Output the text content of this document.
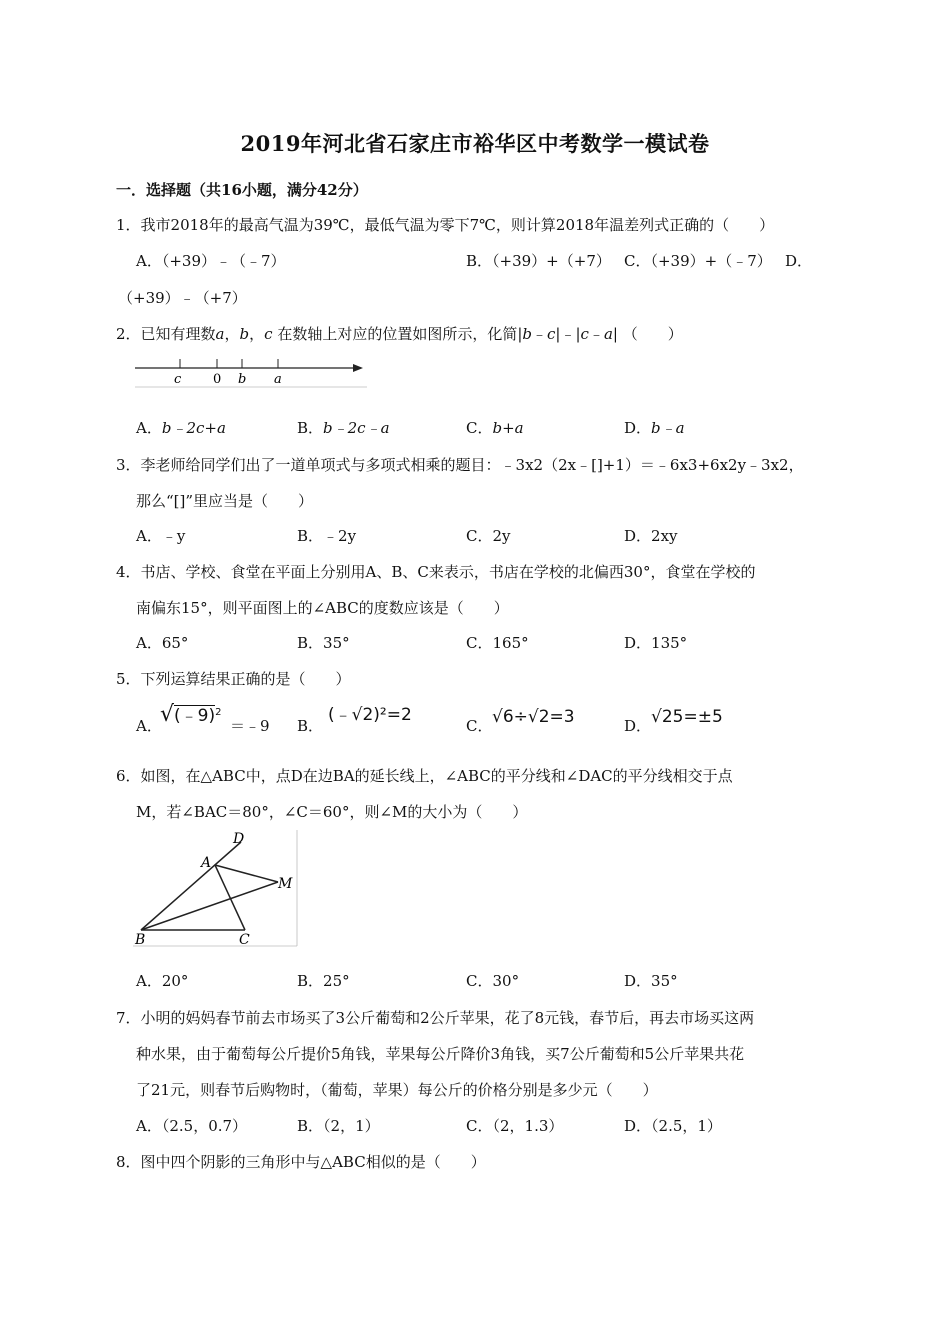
2019年河北省石家庄市裕华区中考数学一模试卷
一．选择题（共16小题，满分42分）
1．我市2018年的最高气温为39℃，最低气温为零下7℃，则计算2018年温差列式正确的（　　）
A．（+39）﹣（﹣7）	B．（+39）+（+7） C．（+39）+（﹣7） D．
（+39）﹣（+7）
2．已知有理数a，b，c 在数轴上对应的位置如图所示，化简|b﹣c|﹣|c﹣a| （　　）
c 0 b a
A．b﹣2c+a	B．b﹣2c﹣a	C．b+a	D．b﹣a
3．李老师给同学们出了一道单项式与多项式相乘的题目：﹣3x2（2x﹣[]+1）＝﹣6x3+6x2y﹣3x2，
那么“[]”里应当是（　　）
A．﹣y	B．﹣2y	C．2y	D．2xy
4．书店、学校、食堂在平面上分别用A、B、C来表示，书店在学校的北偏西30°，食堂在学校的
南偏东15°，则平面图上的∠ABC的度数应该是（　　）
A．65°	B．35°	C．165°	D．135°
5．下列运算结果正确的是（　　）
A．
√(﹣9)$^2$
＝﹣9 B．
(﹣√2)²=2
C． √6÷√2=3	D． √25=±5
6．如图，在△ABC中，点D在边BA的延长线上，∠ABC的平分线和∠DAC的平分线相交于点
M，若∠BAC＝80°，∠C＝60°，则∠M的大小为（　　）
D
A
M
B	C
A．20°	B．25°	C．30°	D．35°
7．小明的妈妈春节前去市场买了3公斤葡萄和2公斤苹果，花了8元钱，春节后，再去市场买这两
种水果，由于葡萄每公斤提价5角钱，苹果每公斤降价3角钱，买7公斤葡萄和5公斤苹果共花
了21元，则春节后购物时，（葡萄，苹果）每公斤的价格分别是多少元（　　）
A．（2.5，0.7）	B．（2，1）	C．（2，1.3）	D．（2.5，1）
8．图中四个阴影的三角形中与△ABC相似的是（　　）
